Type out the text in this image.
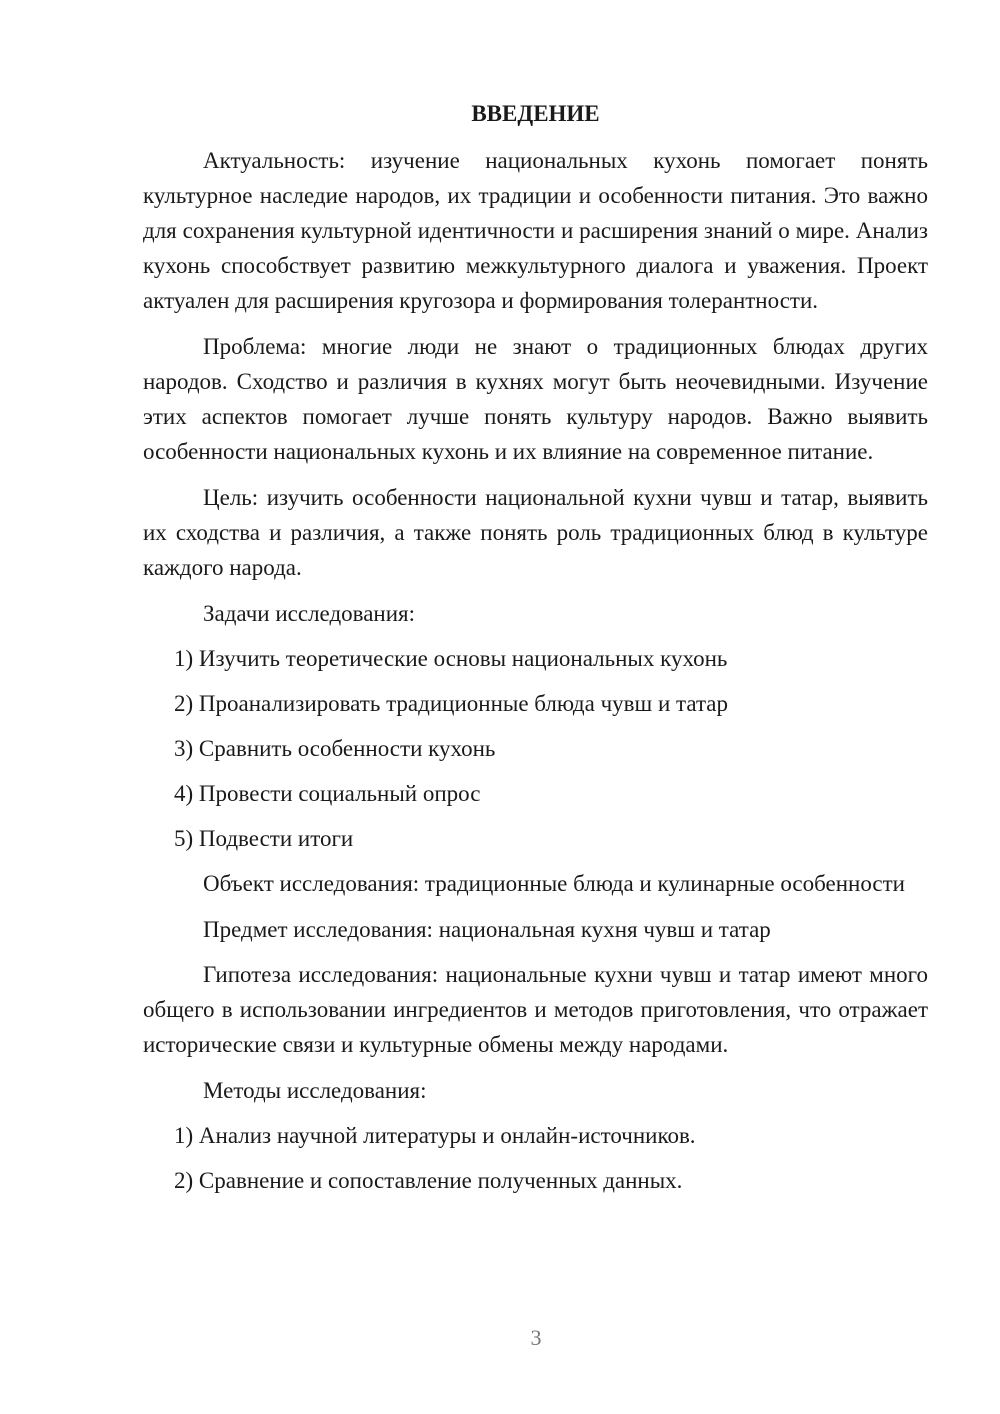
ВВЕДЕНИЕ

Актуальность: изучение национальных кухонь помогает понять культурное наследие народов, их традиции и особенности питания. Это важно для сохранения культурной идентичности и расширения знаний о мире. Анализ кухонь способствует развитию межкультурного диалога и уважения. Проект актуален для расширения кругозора и формирования толерантности.

Проблема: многие люди не знают о традиционных блюдах других народов. Сходство и различия в кухнях могут быть неочевидными. Изучение этих аспектов помогает лучше понять культуру народов. Важно выявить особенности национальных кухонь и их влияние на современное питание.

Цель: изучить особенности национальной кухни чувш и татар, выявить их сходства и различия, а также понять роль традиционных блюд в культуре каждого народа.

Задачи исследования:
1) Изучить теоретические основы национальных кухонь
2) Проанализировать традиционные блюда чувш и татар
3) Сравнить особенности кухонь
4) Провести социальный опрос
5) Подвести итоги

Объект исследования: традиционные блюда и кулинарные особенности

Предмет исследования: национальная кухня чувш и татар

Гипотеза исследования: национальные кухни чувш и татар имеют много общего в использовании ингредиентов и методов приготовления, что отражает исторические связи и культурные обмены между народами.

Методы исследования:
1) Анализ научной литературы и онлайн-источников.
2) Сравнение и сопоставление полученных данных.
3
